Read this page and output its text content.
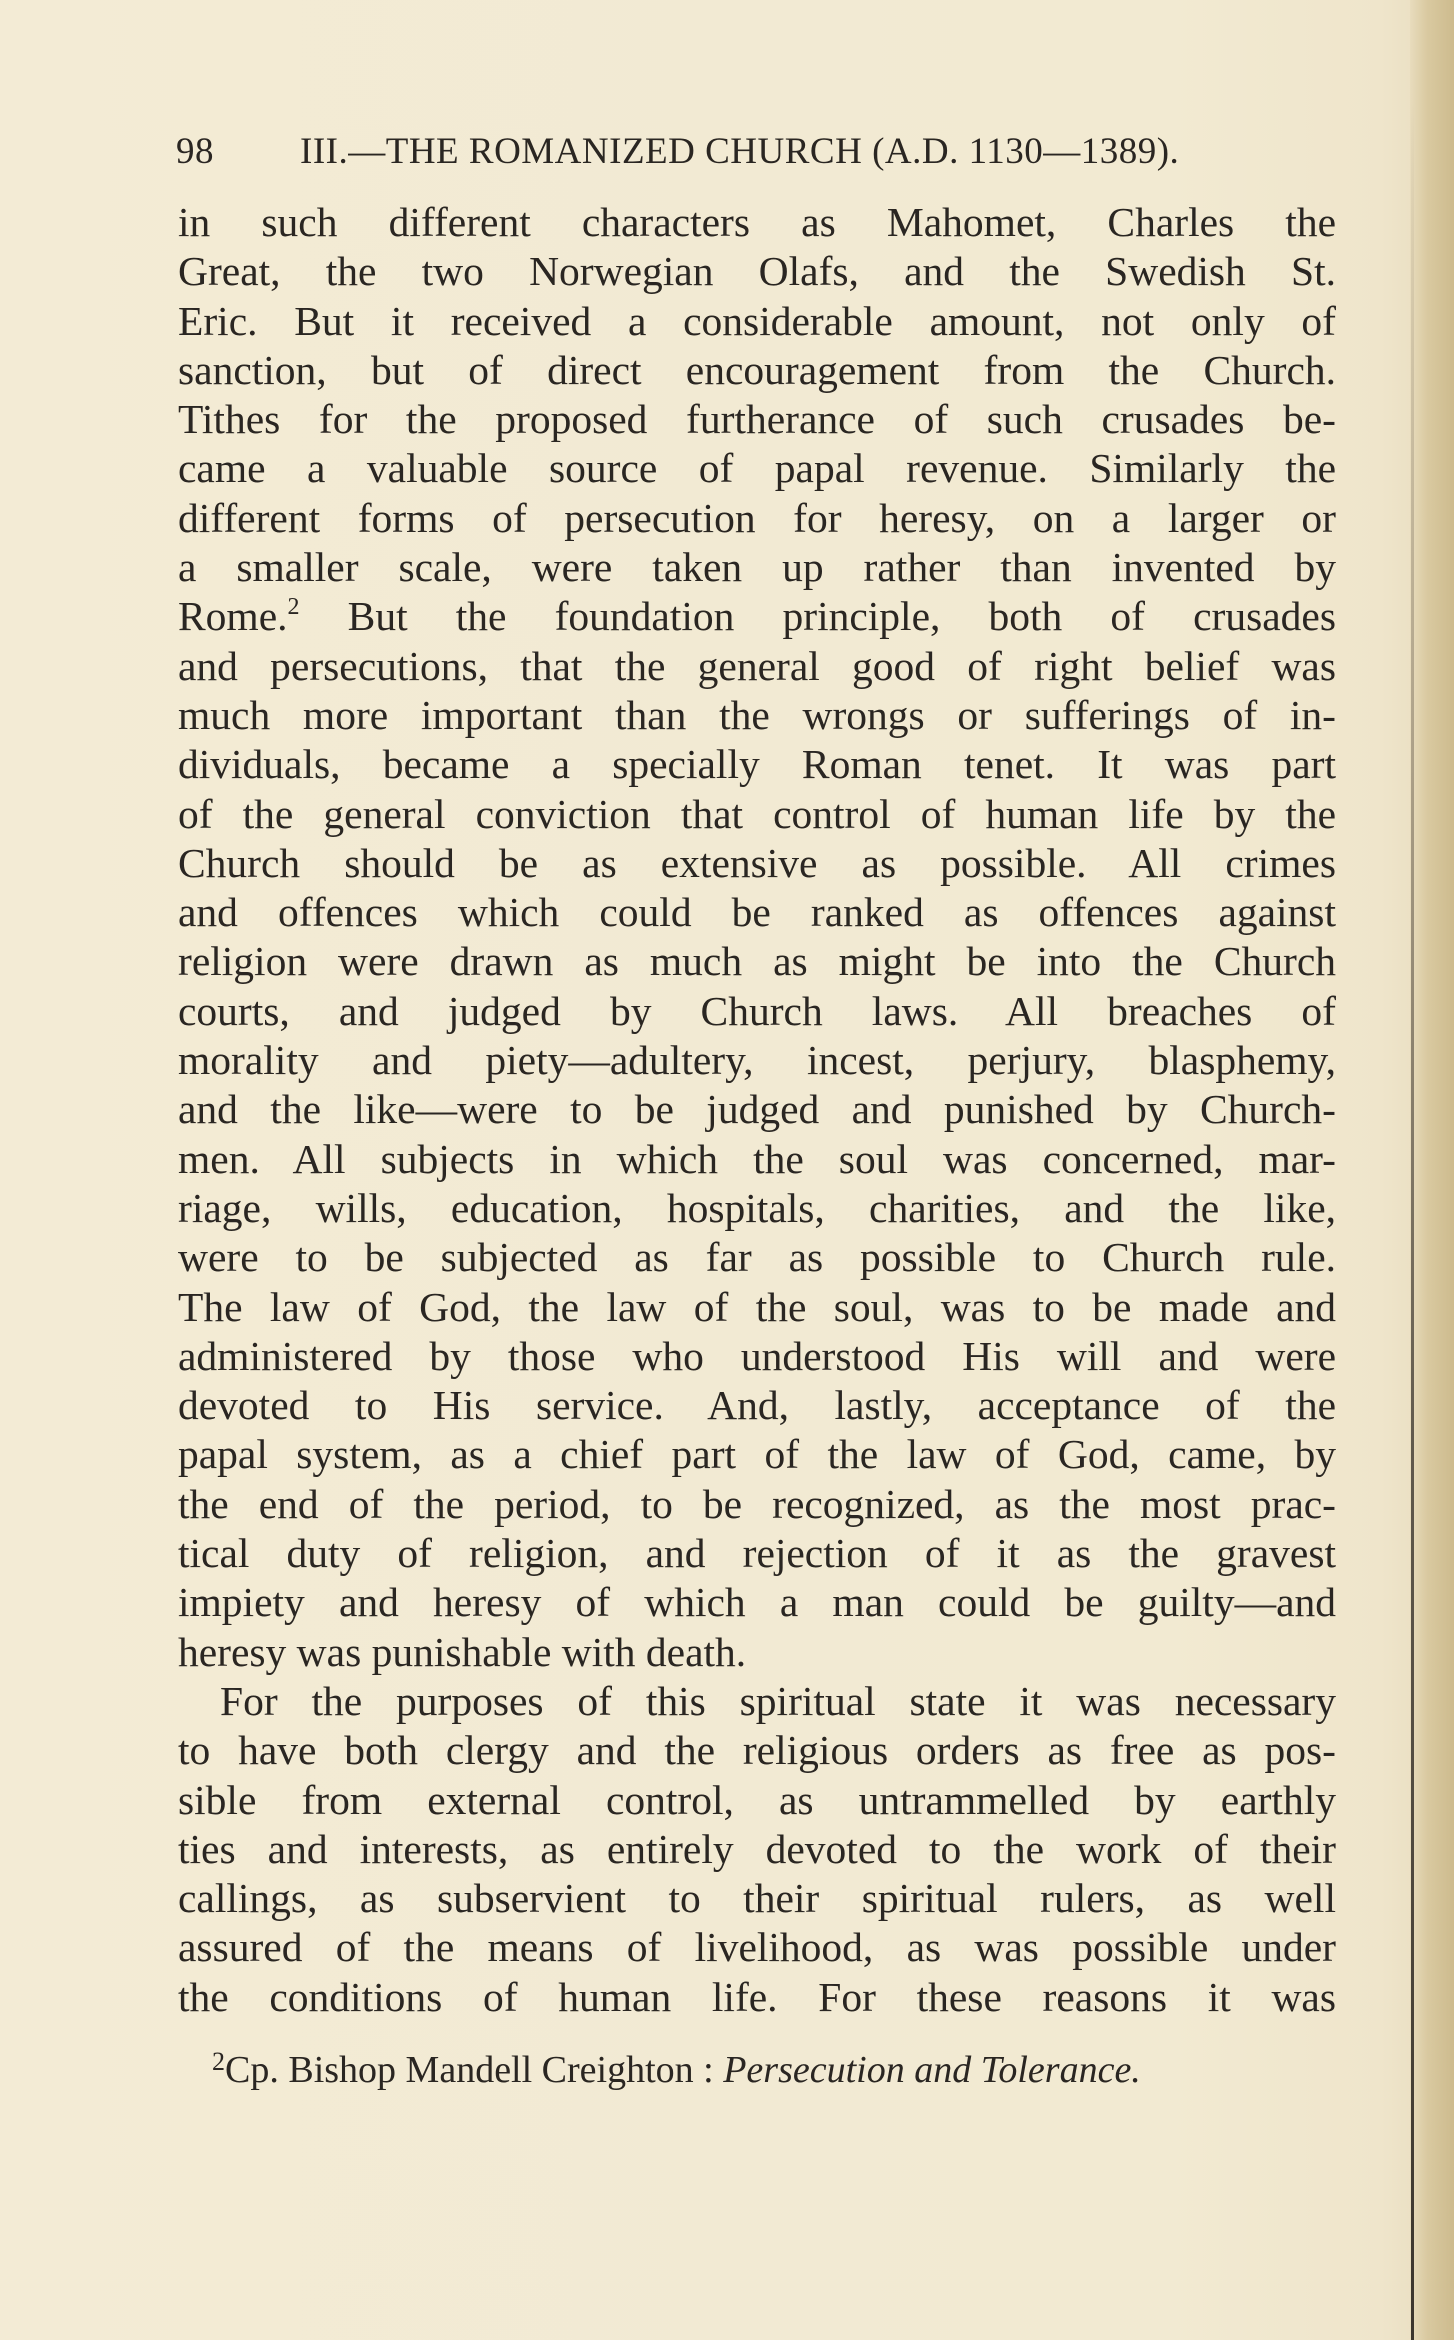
98 III.—THE ROMANIZED CHURCH (A.D. 1130—1389).
in such different characters as Mahomet, Charles the
Great, the two Norwegian Olafs, and the Swedish St.
Eric. But it received a considerable amount, not only of
sanction, but of direct encouragement from the Church.
Tithes for the proposed furtherance of such crusades be-
came a valuable source of papal revenue. Similarly the
different forms of persecution for heresy, on a larger or
a smaller scale, were taken up rather than invented by
Rome.$^2$ But the foundation principle, both of crusades
and persecutions, that the general good of right belief was
much more important than the wrongs or sufferings of in-
dividuals, became a specially Roman tenet. It was part
of the general conviction that control of human life by the
Church should be as extensive as possible. All crimes
and offences which could be ranked as offences against
religion were drawn as much as might be into the Church
courts, and judged by Church laws. All breaches of
morality and piety—adultery, incest, perjury, blasphemy,
and the like—were to be judged and punished by Church-
men. All subjects in which the soul was concerned, mar-
riage, wills, education, hospitals, charities, and the like,
were to be subjected as far as possible to Church rule.
The law of God, the law of the soul, was to be made and
administered by those who understood His will and were
devoted to His service. And, lastly, acceptance of the
papal system, as a chief part of the law of God, came, by
the end of the period, to be recognized, as the most prac-
tical duty of religion, and rejection of it as the gravest
impiety and heresy of which a man could be guilty—and
heresy was punishable with death.
For the purposes of this spiritual state it was necessary
to have both clergy and the religious orders as free as pos-
sible from external control, as untrammelled by earthly
ties and interests, as entirely devoted to the work of their
callings, as subservient to their spiritual rulers, as well
assured of the means of livelihood, as was possible under
the conditions of human life. For these reasons it was
$^2$Cp. Bishop Mandell Creighton : Persecution and Tolerance.
